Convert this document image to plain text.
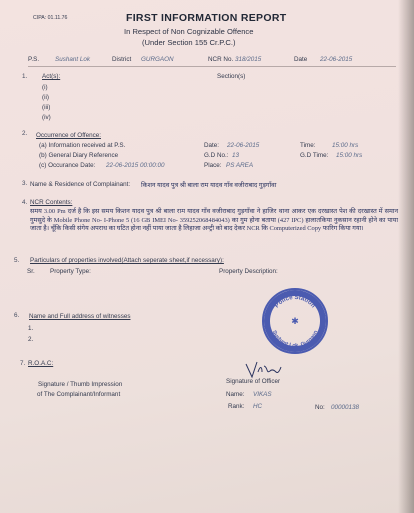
CIPA: 01.11.76	FIRST INFORMATION REPORT
In Respect of Non Cognizable Offence
(Under Section 155 Cr.P.C.)
P.S.	Sushant Lok	District GURGAON	NCR No. 318/2015	Date 22-06-2015
1. Act(s):	Section(s)
(i)
(ii)
(iii)
(iv)
2. Occurrence of Offence:
(a) Information received at P.S.	Date: 22-06-2015	Time:	15:00 hrs
(b) General Diary Reference	G.D No.: 13	G.D Time: 15:00 hrs
(c) Occurance Date: 22-06-2015 00:00:00	Place: PS AREA
3. Name & Residence of Complainant: किशन यादव पुत्र श्री बाला राम यादव गाँव वजीराबाद गुड़गाँवा
4. NCR Contents:
समय 3.00 Pm दर्ज है कि इस समय किशन यादव पुत्र श्री बाला राम यादव गाँव वजीराबाद गुड़गाँवा ने हाजिर थाना आकर एक दरखास्त पेश की दरखास्त में समान गुमसुदे के Mobile Phone No- I-Phone 5 (16 GB IMEI No- 359252068484043) का गुम होना बताया (427 IPC) हालातकिया नुकसान रहानी होने का पाया जाता है। चूँकि किसी संगेय अपराध का घटित होना नहीं पाया जाता है लिहाजा अन्ट्री को बाद देकर NCR कि Computerized Copy फारिग किया गया।
5. Particulars of properties involved(Attach seperate sheet,if necessary):
Sr. Property Type:	Property Description:
6. Name and Full address of witnesses
1.
2.
7. R.O.A.C:
Police Station
Sushant Lok, Gurgaon
✱
Signature / Thumb Impression
of The Complainant/Informant
Signature of Officer
Name: VIKAS
Rank: HC	No: 00000138
